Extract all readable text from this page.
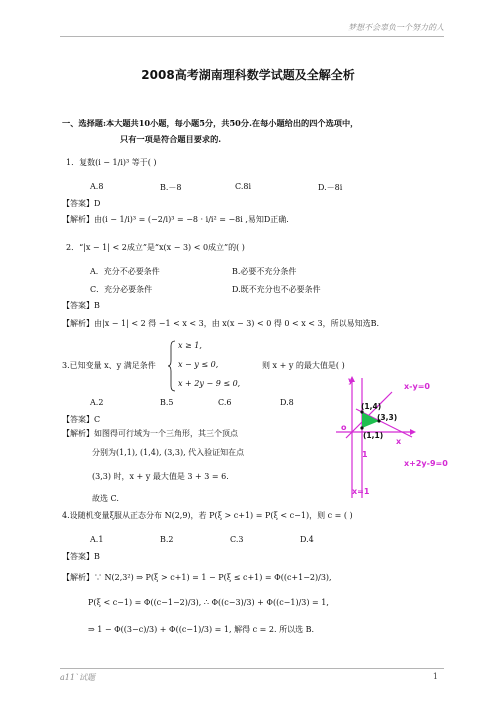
梦想不会辜负一个努力的人
2008高考湖南理科数学试题及全解全析
一、选择题:本大题共10小题，每小题5分，共50分.在每小题给出的四个选项中，
只有一项是符合题目要求的.
1．复数(i − 1/i)³ 等于( )
A.8	B.－8	C.8i	D.－8i
【答案】D
【解析】由(i − 1/i)³ = (−2/i)³ = −8 · i/i² = −8i ,易知D正确.
2．“|x − 1| < 2成立”是“x(x − 3) < 0成立”的( )
A．充分不必要条件	B.必要不充分条件
C．充分必要条件	D.既不充分也不必要条件
【答案】B
【解析】由|x − 1| < 2 得 −1 < x < 3，由 x(x − 3) < 0 得 0 < x < 3，所以易知选B.
3.已知变量 x、y 满足条件
x ≥ 1,
x − y ≤ 0,
x + 2y − 9 ≤ 0,
则 x + y 的最大值是( )
A.2	B.5	C.6	D.8
【答案】C
【解析】如图得可行域为一个三角形，其三个顶点
分别为(1,1), (1,4), (3,3), 代入验证知在点
(3,3) 时，x + y 最大值是 3 + 3 = 6.
故选 C.
y
x
o
1
x-y=0
x+2y-9=0
x=1
(1,4)
(3,3)
(1,1)
4.设随机变量ξ服从正态分布 N(2,9)，若 P(ξ > c+1) = P(ξ < c−1)，则 c = ( )
A.1	B.2	C.3	D.4
【答案】B
【解析】∵ N(2,3²) ⇒ P(ξ > c+1) = 1 − P(ξ ≤ c+1) = Φ((c+1−2)/3),
P(ξ < c−1) = Φ((c−1−2)/3), ∴ Φ((c−3)/3) + Φ((c−1)/3) = 1,
⇒ 1 − Φ((3−c)/3) + Φ((c−1)/3) = 1, 解得 c = 2. 所以选 B.
a11`试题	1
